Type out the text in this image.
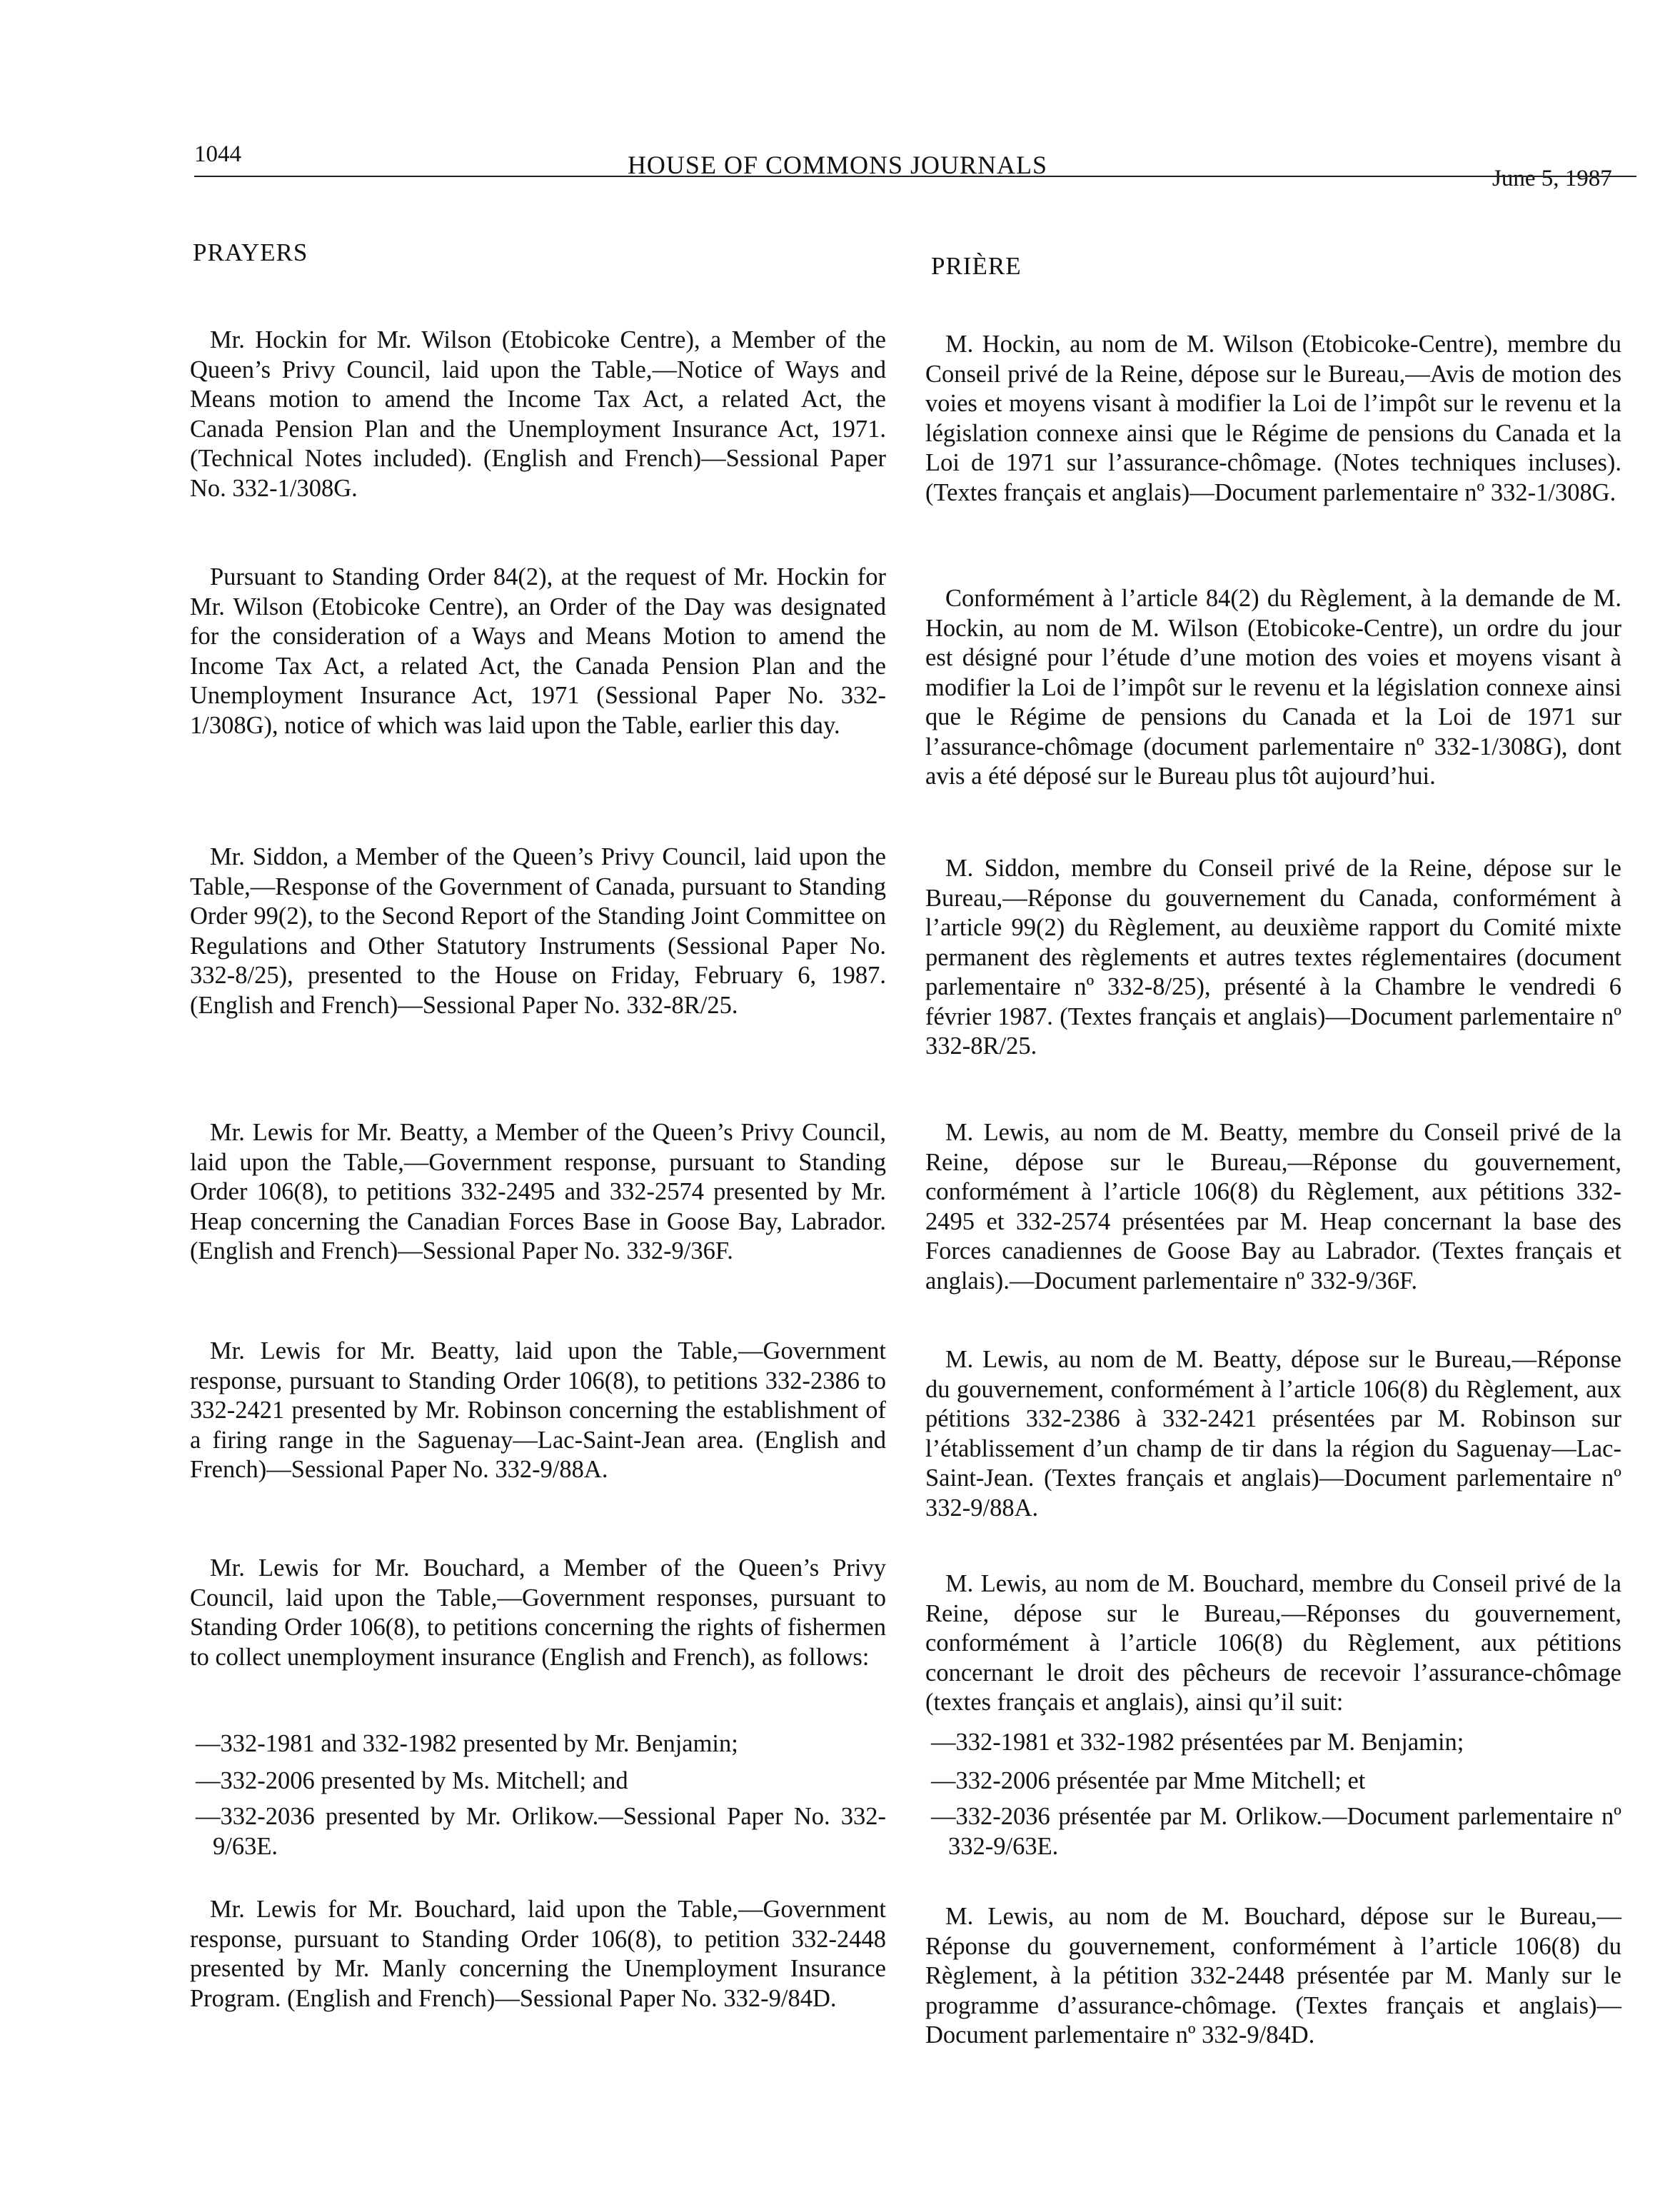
1044	HOUSE OF COMMONS JOURNALS	June 5, 1987
PRAYERS
Mr. Hockin for Mr. Wilson (Etobicoke Centre), a Member of the Queen’s Privy Council, laid upon the Table,—Notice of Ways and Means motion to amend the Income Tax Act, a related Act, the Canada Pension Plan and the Unemployment Insurance Act, 1971. (Technical Notes included). (English and French)—Sessional Paper No. 332-1/308G.
Pursuant to Standing Order 84(2), at the request of Mr. Hockin for Mr. Wilson (Etobicoke Centre), an Order of the Day was designated for the consideration of a Ways and Means Motion to amend the Income Tax Act, a related Act, the Canada Pension Plan and the Unemployment Insurance Act, 1971 (Sessional Paper No. 332-1/308G), notice of which was laid upon the Table, earlier this day.
Mr. Siddon, a Member of the Queen’s Privy Council, laid upon the Table,—Response of the Government of Canada, pursuant to Standing Order 99(2), to the Second Report of the Standing Joint Committee on Regulations and Other Statutory Instruments (Sessional Paper No. 332-8/25), presented to the House on Friday, February 6, 1987. (English and French)—Sessional Paper No. 332-8R/25.
Mr. Lewis for Mr. Beatty, a Member of the Queen’s Privy Council, laid upon the Table,—Government response, pursuant to Standing Order 106(8), to petitions 332-2495 and 332-2574 presented by Mr. Heap concerning the Canadian Forces Base in Goose Bay, Labrador. (English and French)—Sessional Paper No. 332-9/36F.
Mr. Lewis for Mr. Beatty, laid upon the Table,—Government response, pursuant to Standing Order 106(8), to petitions 332-2386 to 332-2421 presented by Mr. Robinson concerning the establishment of a firing range in the Saguenay—Lac-Saint-Jean area. (English and French)—Sessional Paper No. 332-9/88A.
Mr. Lewis for Mr. Bouchard, a Member of the Queen’s Privy Council, laid upon the Table,—Government responses, pursuant to Standing Order 106(8), to petitions concerning the rights of fishermen to collect unemployment insurance (English and French), as follows:
—332-1981 and 332-1982 presented by Mr. Benjamin;
—332-2006 presented by Ms. Mitchell; and
—332-2036 presented by Mr. Orlikow.—Sessional Paper No. 332-9/63E.
Mr. Lewis for Mr. Bouchard, laid upon the Table,—Government response, pursuant to Standing Order 106(8), to petition 332-2448 presented by Mr. Manly concerning the Unemployment Insurance Program. (English and French)—Sessional Paper No. 332-9/84D.
PRIÈRE
M. Hockin, au nom de M. Wilson (Etobicoke-Centre), membre du Conseil privé de la Reine, dépose sur le Bureau,—Avis de motion des voies et moyens visant à modifier la Loi de l’impôt sur le revenu et la législation connexe ainsi que le Régime de pensions du Canada et la Loi de 1971 sur l’assurance-chômage. (Notes techniques incluses). (Textes français et anglais)—Document parlementaire nº 332-1/308G.
Conformément à l’article 84(2) du Règlement, à la demande de M. Hockin, au nom de M. Wilson (Etobicoke-Centre), un ordre du jour est désigné pour l’étude d’une motion des voies et moyens visant à modifier la Loi de l’impôt sur le revenu et la législation connexe ainsi que le Régime de pensions du Canada et la Loi de 1971 sur l’assurance-chômage (document parlementaire nº 332-1/308G), dont avis a été déposé sur le Bureau plus tôt aujourd’hui.
M. Siddon, membre du Conseil privé de la Reine, dépose sur le Bureau,—Réponse du gouvernement du Canada, conformément à l’article 99(2) du Règlement, au deuxième rapport du Comité mixte permanent des règlements et autres textes réglementaires (document parlementaire nº 332-8/25), présenté à la Chambre le vendredi 6 février 1987. (Textes français et anglais)—Document parlementaire nº 332-8R/25.
M. Lewis, au nom de M. Beatty, membre du Conseil privé de la Reine, dépose sur le Bureau,—Réponse du gouvernement, conformément à l’article 106(8) du Règlement, aux pétitions 332-2495 et 332-2574 présentées par M. Heap concernant la base des Forces canadiennes de Goose Bay au Labrador. (Textes français et anglais).—Document parlementaire nº 332-9/36F.
M. Lewis, au nom de M. Beatty, dépose sur le Bureau,—Réponse du gouvernement, conformément à l’article 106(8) du Règlement, aux pétitions 332-2386 à 332-2421 présentées par M. Robinson sur l’établissement d’un champ de tir dans la région du Saguenay—Lac-Saint-Jean. (Textes français et anglais)—Document parlementaire nº 332-9/88A.
M. Lewis, au nom de M. Bouchard, membre du Conseil privé de la Reine, dépose sur le Bureau,—Réponses du gouvernement, conformément à l’article 106(8) du Règlement, aux pétitions concernant le droit des pêcheurs de recevoir l’assurance-chômage (textes français et anglais), ainsi qu’il suit:
—332-1981 et 332-1982 présentées par M. Benjamin;
—332-2006 présentée par Mme Mitchell; et
—332-2036 présentée par M. Orlikow.—Document parlementaire nº 332-9/63E.
M. Lewis, au nom de M. Bouchard, dépose sur le Bureau,—Réponse du gouvernement, conformément à l’article 106(8) du Règlement, à la pétition 332-2448 présentée par M. Manly sur le programme d’assurance-chômage. (Textes français et anglais)—Document parlementaire nº 332-9/84D.
